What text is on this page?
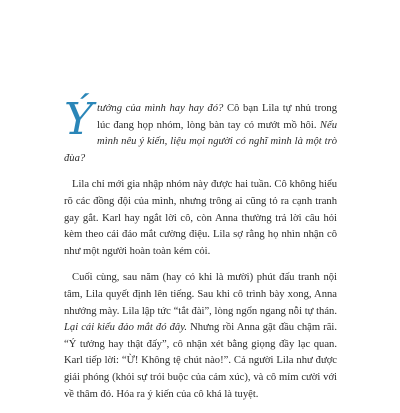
Ýtưởng của mình hay hay đó? Cô bạn Lila tự nhủ trong lúc đang họp nhóm, lòng bàn tay có mướt mồ hôi. Nếu mình nêu ý kiến, liệu mọi người có nghĩ mình là một trò đùa?

Lila chỉ mới gia nhập nhóm này được hai tuần. Cô không hiểu rõ các đồng đội của mình, nhưng trông ai cũng tỏ ra cạnh tranh gay gắt. Karl hay ngắt lời cô, còn Anna thường trả lời câu hỏi kèm theo cái đảo mắt cường điệu. Lila sợ rằng họ nhìn nhận cô như một người hoàn toàn kém cỏi.

Cuối cùng, sau năm (hay có khi là mười) phút đấu tranh nội tâm, Lila quyết định lên tiếng. Sau khi cô trình bày xong, Anna nhướng mày. Lila lập tức “tắt đài”, lòng ngổn ngang nỗi tự thán. Lại cái kiểu đảo mắt đó đây. Nhưng rồi Anna gật đầu chậm rãi. “Ý tưởng hay thật đấy”, cô nhận xét bằng giọng đầy lạc quan. Karl tiếp lời: “Ừ! Không tệ chút nào!”. Cả người Lila như được giải phóng (khỏi sự trói buộc của cảm xúc), và cô mỉm cười với về thâm đó. Hóa ra ý kiến của cô khá là tuyệt.
